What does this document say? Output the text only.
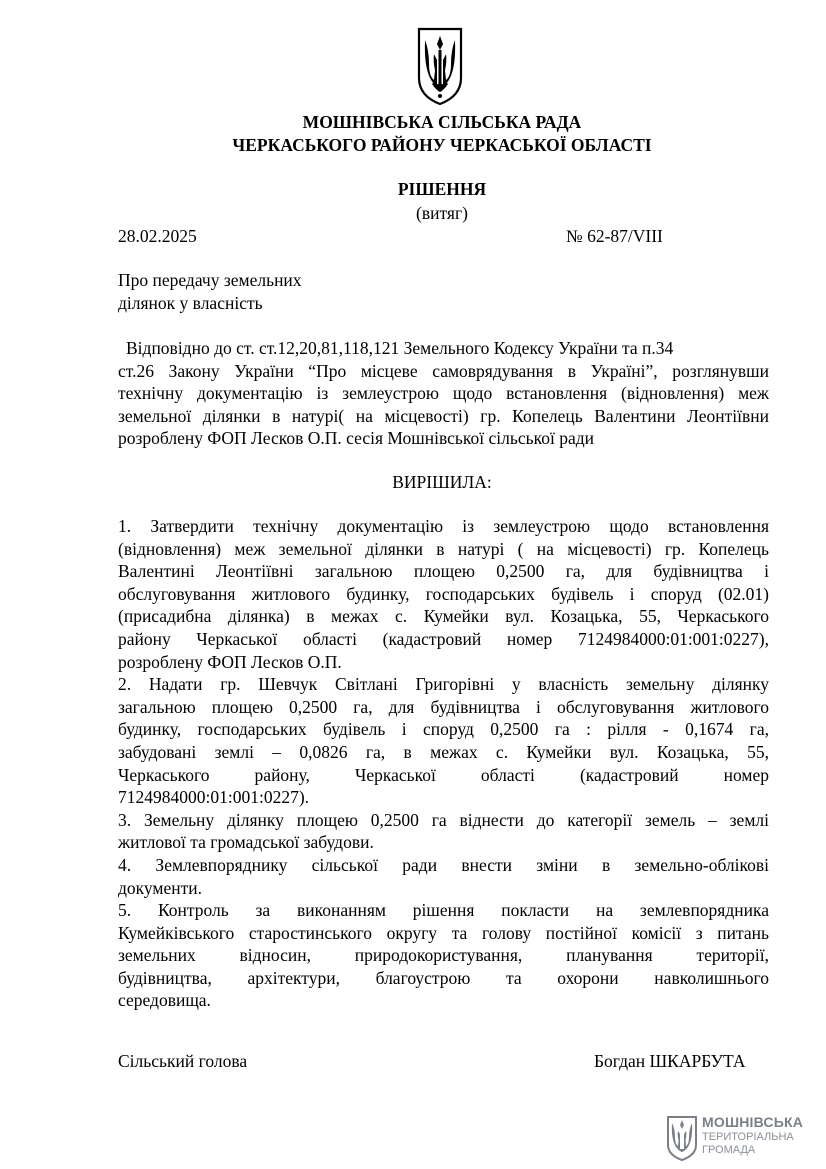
МОШНІВСЬКА СІЛЬСЬКА РАДА
ЧЕРКАСЬКОГО РАЙОНУ ЧЕРКАСЬКОЇ ОБЛАСТІ
РІШЕННЯ
(витяг)
28.02.2025	№ 62-87/VIII
Про передачу земельних
ділянок у власність
Відповідно до ст. ст.12,20,81,118,121 Земельного Кодексу України та п.34
ст.26 Закону України “Про місцеве самоврядування в Україні”, розглянувши
технічну документацію із землеустрою щодо встановлення (відновлення) меж
земельної ділянки в натурі( на місцевості) гр. Копелець Валентини Леонтіївни
розроблену ФОП Лесков О.П. сесія Мошнівської сільської ради
ВИРІШИЛА:
1. Затвердити технічну документацію із землеустрою щодо встановлення
(відновлення) меж земельної ділянки в натурі ( на місцевості) гр. Копелець
Валентині Леонтіївні загальною площею 0,2500 га, для будівництва і
обслуговування житлового будинку, господарських будівель і споруд (02.01)
(присадибна ділянка) в межах с. Кумейки вул. Козацька, 55, Черкаського
району Черкаської області (кадастровий номер 7124984000:01:001:0227),
розроблену ФОП Лесков О.П.
2. Надати гр. Шевчук Світлані Григорівні у власність земельну ділянку
загальною площею 0,2500 га, для будівництва і обслуговування житлового
будинку, господарських будівель і споруд 0,2500 га : рілля - 0,1674 га,
забудовані землі – 0,0826 га, в межах с. Кумейки вул. Козацька, 55,
Черкаського району, Черкаської області (кадастровий номер
7124984000:01:001:0227).
3. Земельну ділянку площею 0,2500 га віднести до категорії земель – землі
житлової та громадської забудови.
4. Землевпоряднику сільської ради внести зміни в земельно-облікові
документи.
5. Контроль за виконанням рішення покласти на землевпорядника
Кумейківського старостинського округу та голову постійної комісії з питань
земельних відносин, природокористування, планування території,
будівництва, архітектури, благоустрою та охорони навколишнього
середовища.
Сільський голова	Богдан ШКАРБУТА
МОШНІВСЬКА
ТЕРИТОРІАЛЬНА
ГРОМАДА
